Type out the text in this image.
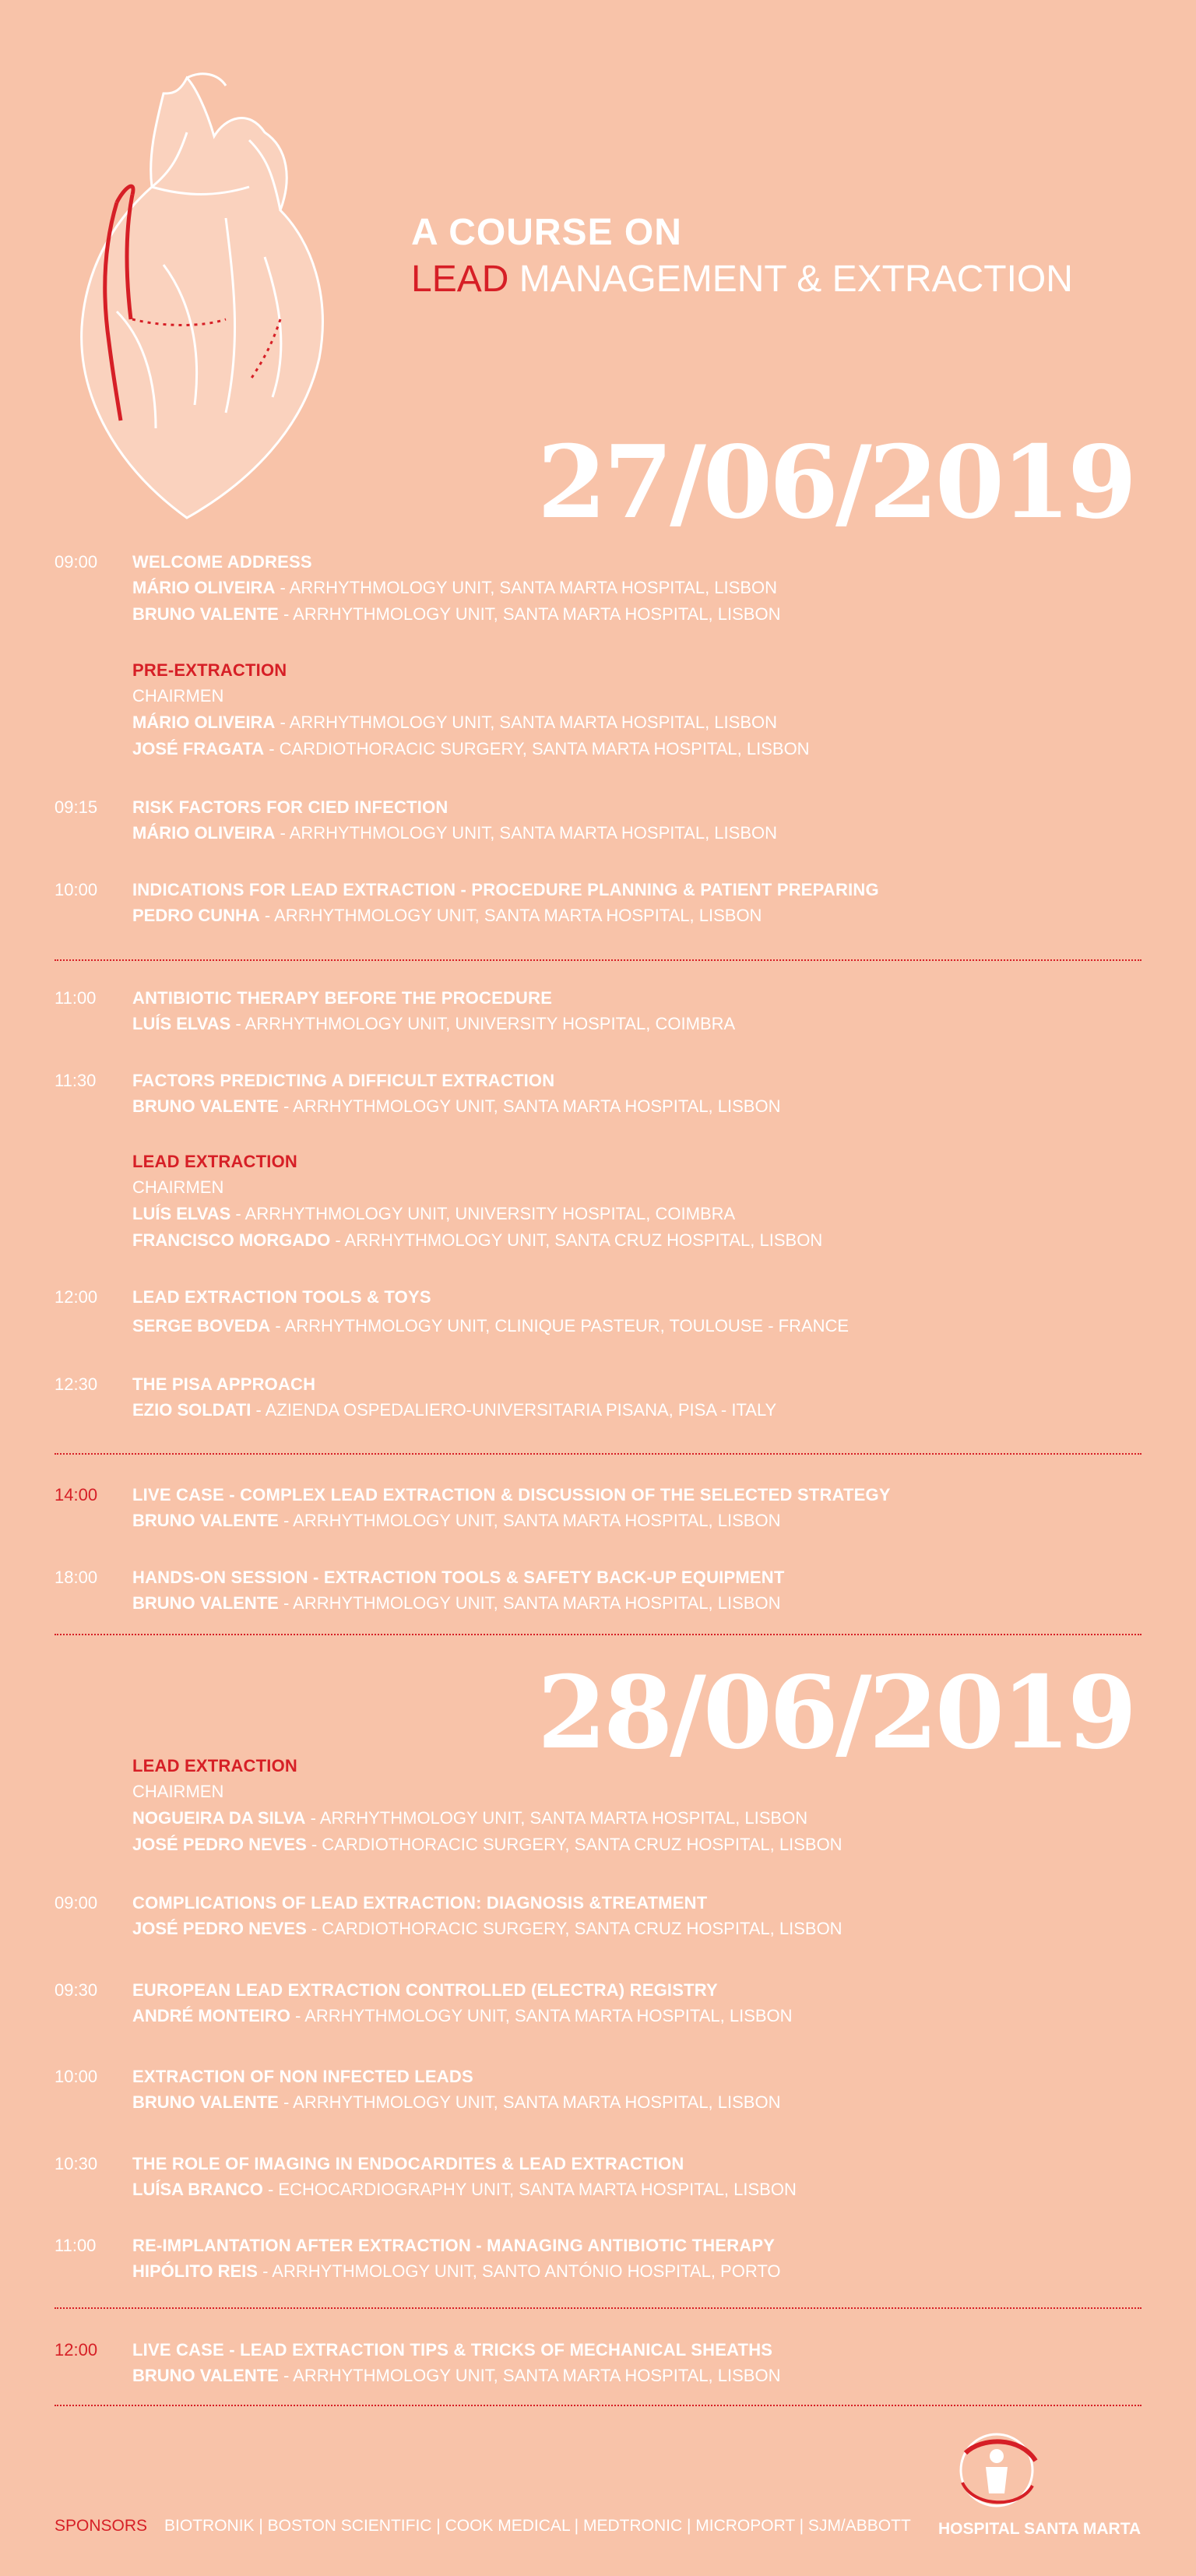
A COURSE ON
LEAD MANAGEMENT & EXTRACTION
27/06/2019
09:00 WELCOME ADDRESS
MÁRIO OLIVEIRA - ARRHYTHMOLOGY UNIT, SANTA MARTA HOSPITAL, LISBON
BRUNO VALENTE - ARRHYTHMOLOGY UNIT, SANTA MARTA HOSPITAL, LISBON
PRE-EXTRACTION
CHAIRMEN
MÁRIO OLIVEIRA - ARRHYTHMOLOGY UNIT, SANTA MARTA HOSPITAL, LISBON
JOSÉ FRAGATA - CARDIOTHORACIC SURGERY, SANTA MARTA HOSPITAL, LISBON
09:15 RISK FACTORS FOR CIED INFECTION
MÁRIO OLIVEIRA - ARRHYTHMOLOGY UNIT, SANTA MARTA HOSPITAL, LISBON
10:00 INDICATIONS FOR LEAD EXTRACTION - PROCEDURE PLANNING & PATIENT PREPARING
PEDRO CUNHA - ARRHYTHMOLOGY UNIT, SANTA MARTA HOSPITAL, LISBON
11:00 ANTIBIOTIC THERAPY BEFORE THE PROCEDURE
LUÍS ELVAS - ARRHYTHMOLOGY UNIT, UNIVERSITY HOSPITAL, COIMBRA
11:30 FACTORS PREDICTING A DIFFICULT EXTRACTION
BRUNO VALENTE - ARRHYTHMOLOGY UNIT, SANTA MARTA HOSPITAL, LISBON
LEAD EXTRACTION
CHAIRMEN
LUÍS ELVAS - ARRHYTHMOLOGY UNIT, UNIVERSITY HOSPITAL, COIMBRA
FRANCISCO MORGADO - ARRHYTHMOLOGY UNIT, SANTA CRUZ HOSPITAL, LISBON
12:00 LEAD EXTRACTION TOOLS & TOYS
SERGE BOVEDA - ARRHYTHMOLOGY UNIT, CLINIQUE PASTEUR, TOULOUSE - FRANCE
12:30 THE PISA APPROACH
EZIO SOLDATI - AZIENDA OSPEDALIERO-UNIVERSITARIA PISANA, PISA - ITALY
14:00 LIVE CASE - COMPLEX LEAD EXTRACTION & DISCUSSION OF THE SELECTED STRATEGY
BRUNO VALENTE - ARRHYTHMOLOGY UNIT, SANTA MARTA HOSPITAL, LISBON
18:00 HANDS-ON SESSION - EXTRACTION TOOLS & SAFETY BACK-UP EQUIPMENT
BRUNO VALENTE - ARRHYTHMOLOGY UNIT, SANTA MARTA HOSPITAL, LISBON
28/06/2019
LEAD EXTRACTION
CHAIRMEN
NOGUEIRA DA SILVA - ARRHYTHMOLOGY UNIT, SANTA MARTA HOSPITAL, LISBON
JOSÉ PEDRO NEVES - CARDIOTHORACIC SURGERY, SANTA CRUZ HOSPITAL, LISBON
09:00 COMPLICATIONS OF LEAD EXTRACTION: DIAGNOSIS &TREATMENT
JOSÉ PEDRO NEVES - CARDIOTHORACIC SURGERY, SANTA CRUZ HOSPITAL, LISBON
09:30 EUROPEAN LEAD EXTRACTION CONTROLLED (ELECTRA) REGISTRY
ANDRÉ MONTEIRO - ARRHYTHMOLOGY UNIT, SANTA MARTA HOSPITAL, LISBON
10:00 EXTRACTION OF NON INFECTED LEADS
BRUNO VALENTE - ARRHYTHMOLOGY UNIT, SANTA MARTA HOSPITAL, LISBON
10:30 THE ROLE OF IMAGING IN ENDOCARDITES & LEAD EXTRACTION
LUÍSA BRANCO - ECHOCARDIOGRAPHY UNIT, SANTA MARTA HOSPITAL, LISBON
11:00 RE-IMPLANTATION AFTER EXTRACTION - MANAGING ANTIBIOTIC THERAPY
HIPÓLITO REIS - ARRHYTHMOLOGY UNIT, SANTO ANTÓNIO HOSPITAL, PORTO
12:00 LIVE CASE - LEAD EXTRACTION TIPS & TRICKS OF MECHANICAL SHEATHS
BRUNO VALENTE - ARRHYTHMOLOGY UNIT, SANTA MARTA HOSPITAL, LISBON
HOSPITAL SANTA MARTA
SPONSORS BIOTRONIK | BOSTON SCIENTIFIC | COOK MEDICAL | MEDTRONIC | MICROPORT | SJM/ABBOTT
